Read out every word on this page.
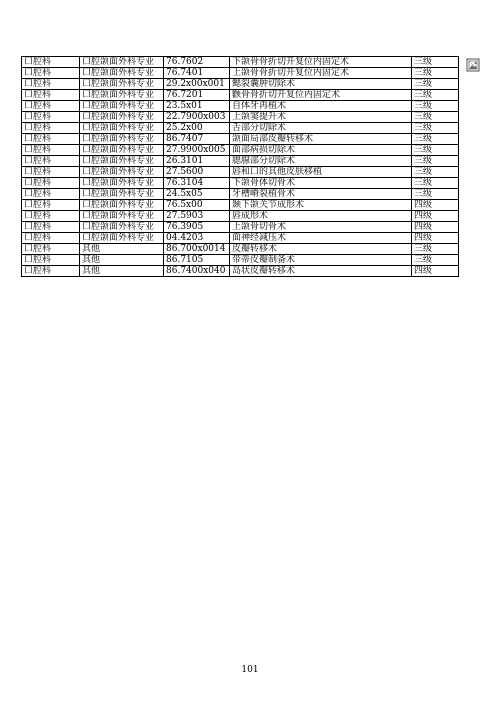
口腔科	口腔颌面外科专业	76.7602	下颌骨骨折切开复位内固定术	三级
口腔科	口腔颌面外科专业	76.7401	上颌骨骨折切开复位内固定术	三级
口腔科	口腔颌面外科专业	29.2x00x001	鳃裂囊肿切除术	三级
口腔科	口腔颌面外科专业	76.7201	颧骨骨折切开复位内固定术	三级
口腔科	口腔颌面外科专业	23.5x01	自体牙再植术	三级
口腔科	口腔颌面外科专业	22.7900x003	上颌窦提升术	三级
口腔科	口腔颌面外科专业	25.2x00	舌部分切除术	三级
口腔科	口腔颌面外科专业	86.7407	颌面局部皮瓣转移术	三级
口腔科	口腔颌面外科专业	27.9900x005	面部病损切除术	三级
口腔科	口腔颌面外科专业	26.3101	腮腺部分切除术	三级
口腔科	口腔颌面外科专业	27.5600	唇和口的其他皮肤移植	三级
口腔科	口腔颌面外科专业	76.3104	下颌骨体切骨术	三级
口腔科	口腔颌面外科专业	24.5x05	牙槽嵴裂植骨术	三级
口腔科	口腔颌面外科专业	76.5x00	颞下颌关节成形术	四级
口腔科	口腔颌面外科专业	27.5903	唇成形术	四级
口腔科	口腔颌面外科专业	76.3905	上颌骨切骨术	四级
口腔科	口腔颌面外科专业	04.4203	面神经减压术	四级
口腔科	其他	86.700x0014	皮瓣转移术	三级
口腔科	其他	86.7105	带蒂皮瓣制备术	三级
口腔科	其他	86.7400x040	岛状皮瓣转移术	四级
101
